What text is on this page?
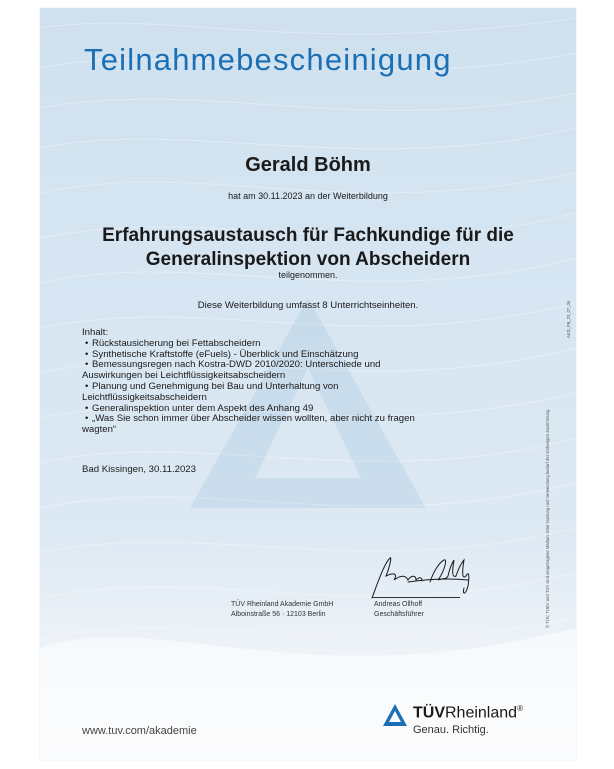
Teilnahmebescheinigung
Gerald Böhm
hat am 30.11.2023 an der Weiterbildung
Erfahrungsaustausch für Fachkundige für die
Generalinspektion von Abscheidern
teilgenommen.
Diese Weiterbildung umfasst 8 Unterrichtseinheiten.
Inhalt:
• Rückstausicherung bei Fettabscheidern
• Synthetische Kraftstoffe (eFuels) - Überblick und Einschätzung
• Bemessungsregen nach Kostra-DWD 2010/2020: Unterschiede und Auswirkungen bei Leichtflüssigkeitsabscheidern
• Planung und Genehmigung bei Bau und Unterhaltung von Leichtflüssigkeitsabscheidern
• Generalinspektion unter dem Aspekt des Anhang 49
• „Was Sie schon immer über Abscheider wissen wollten, aber nicht zu fragen wagten“
Bad Kissingen, 30.11.2023
TÜV Rheinland Akademie GmbH
Alboinstraße 56 · 12103 Berlin
Andreas Ollhoff
Geschäftsführer	© TÜV, TUEV und TUV sind eingetragene Marken. Eine Nutzung und Verwendung bedarf der vorherigen Zustimmung.
AKD_FB_23_07_06
www.tuv.com/akademie
TÜVRheinland®
Genau. Richtig.
